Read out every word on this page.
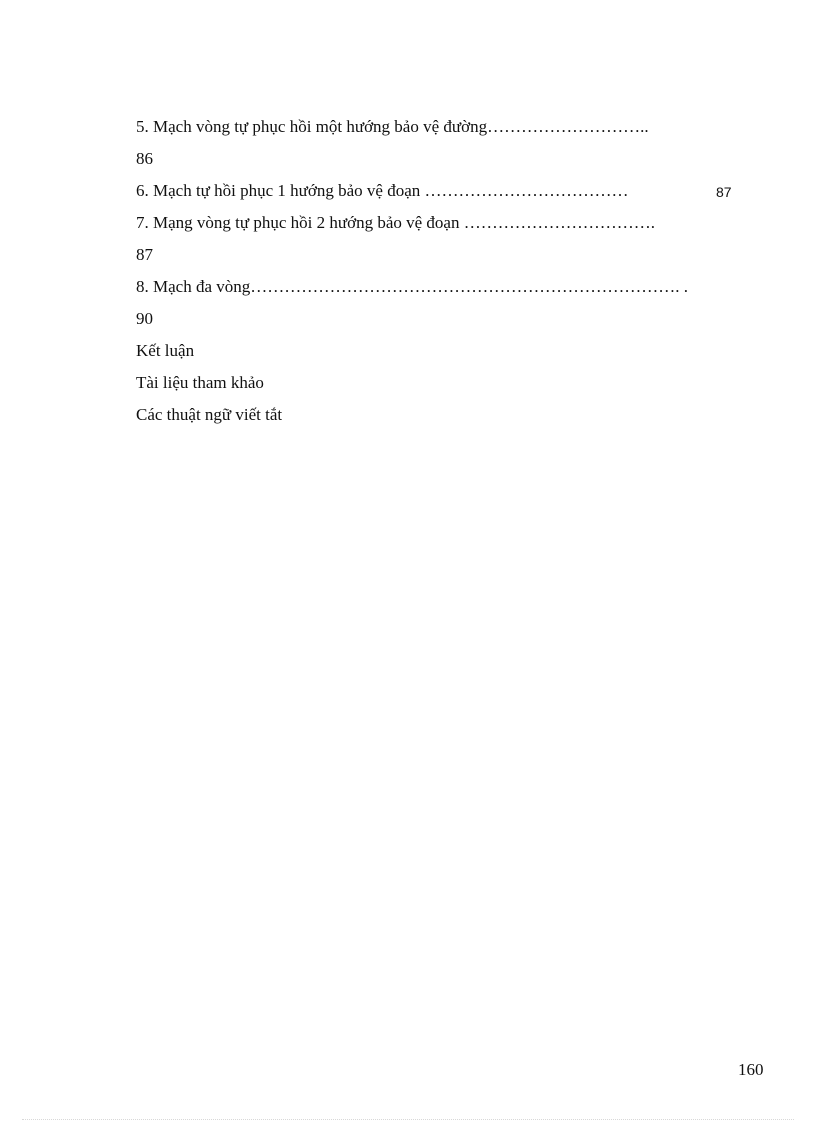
5. Mạch vòng tự phục hồi một hướng bảo vệ đường………………………..
86
6. Mạch tự hồi phục 1 hướng bảo vệ đoạn ………………………………	87
7. Mạng vòng tự phục hồi 2 hướng bảo vệ đoạn …………………………….
87
8. Mạch đa vòng…………………………………………………………………. .
90
Kết luận
Tài liệu tham khảo
Các thuật ngữ viết tắt
160
